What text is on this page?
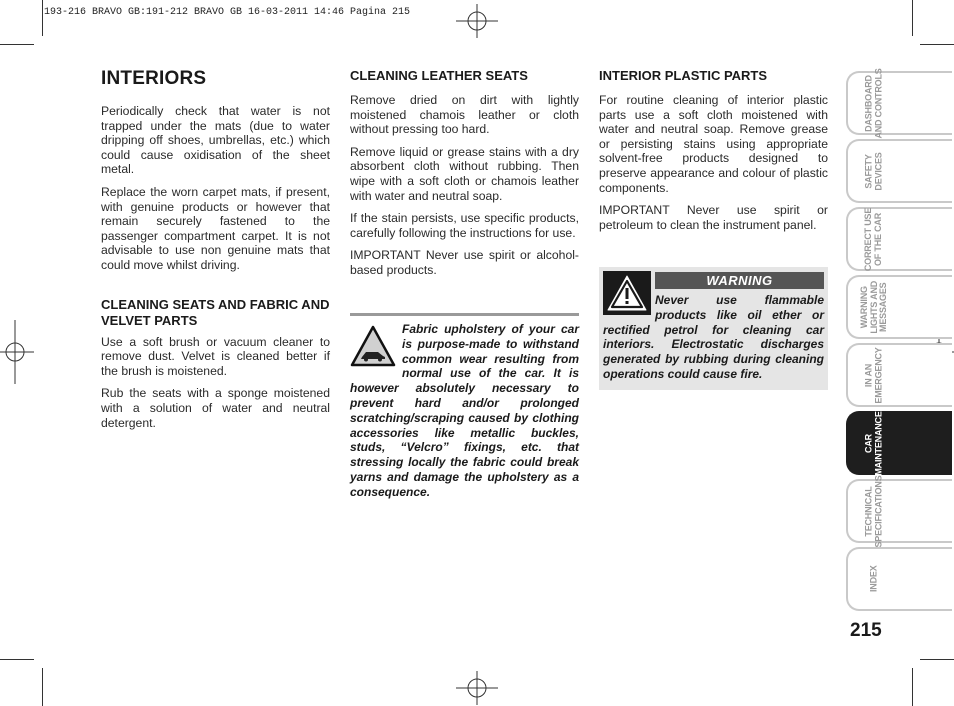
193-216 BRAVO GB:191-212 BRAVO GB 16-03-2011 14:46 Pagina 215
INTERIORS

Periodically check that water is not trapped under the mats (due to water dripping off shoes, umbrellas, etc.) which could cause oxidisation of the sheet metal.

Replace the worn carpet mats, if present, with genuine products or however that remain securely fastened to the passenger compartment carpet. It is not advisable to use non genuine mats that could move whilst driving.

CLEANING SEATS AND FABRIC AND VELVET PARTS

Use a soft brush or vacuum cleaner to remove dust. Velvet is cleaned better if the brush is moistened.

Rub the seats with a sponge moistened with a solution of water and neutral detergent.

CLEANING LEATHER SEATS

Remove dried on dirt with lightly moistened chamois leather or cloth without pressing too hard.

Remove liquid or grease stains with a dry absorbent cloth without rubbing. Then wipe with a soft cloth or chamois leather with water and neutral soap.

If the stain persists, use specific products, carefully following the instructions for use.

IMPORTANT Never use spirit or alcohol-based products.

Fabric upholstery of your car is purpose-made to withstand common wear resulting from normal use of the car. It is however absolutely necessary to prevent hard and/or prolonged scratching/scraping caused by clothing accessories like metallic buckles, studs, “Velcro” fixings, etc. that stressing locally the fabric could break yarns and damage the upholstery as a consequence.
INTERIOR PLASTIC PARTS

For routine cleaning of interior plastic parts use a soft cloth moistened with water and neutral soap. Remove grease or persisting stains using appropriate solvent-free products designed to preserve appearance and colour of plastic components.

IMPORTANT Never use spirit or petroleum to clean the instrument panel.

WARNING
Never use flammable products like oil ether or rectified petrol for cleaning car interiors. Electrostatic discharges generated by rubbing during cleaning operations could cause fire.
DASHBOARD
AND CONTROLS
SAFETY
DEVICES
CORRECT USE
OF THE CAR
WARNING
LIGHTS AND
MESSAGES
IN AN
EMERGENCY
CAR
MAINTENANCE
TECHNICAL
SPECIFICATIONS
INDEX
215
